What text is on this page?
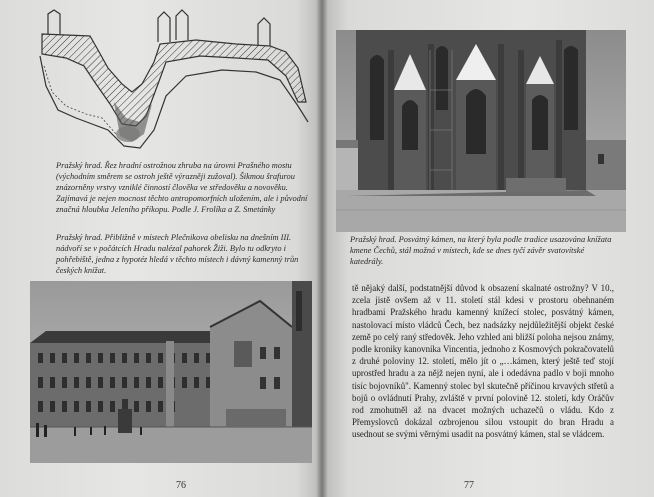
Pražský hrad. Řez hradní ostrožnou zhruba na úrovni Prašného mostu (východním směrem se ostroh ještě výrazněji zužoval). Šikmou šrafurou znázorněny vrstvy vzniklé činností člověka ve středověku a novověku. Zajímavá je nejen mocnost těchto antropomorfních uložením, ale i původní značná hloubka Jeleního příkopu. Podle J. Frolíka a Z. Smetánky
Pražský hrad. Přibližně v místech Plečnikova obelisku na dnešním III. nádvoří se v počátcích Hradu nalézal pahorek Žiži. Bylo tu odkryto i pohřebiště, jedna z hypotéz hledá v těchto místech i dávný kamenný trůn českých knížat.
76
Pražský hrad. Posvátný kámen, na který byla podle tradice usazována knížata kmene Čechů, stál možná v místech, kde se dnes tyčí závěr svatovítské katedrály.
77
tě nějaký další, podstatnější důvod k obsazení skalnaté ostrožny? V 10., zcela jistě ovšem až v 11. století stál kdesi v prostoru obehnaném hradbami Pražského hradu kamenný knížecí stolec, posvátný kámen, nastolovací místo vládců Čech, bez nadsázky nejdůležitější objekt české země po celý raný středověk. Jeho vzhled ani bližší poloha nejsou známy, podle kroniky kanovníka Vincentia, jednoho z Kosmových pokračovatelů z druhé poloviny 12. století, mělo jít o „…kámen, který ještě teď stojí uprostřed hradu a za nějž nejen nyní, ale i odedávna padlo v boji mnoho tisíc bojovníků". Kamenný stolec byl skutečně příčinou krvavých střetů a bojů o ovládnutí Prahy, zvláště v první polovině 12. století, kdy Oráčův rod zmohutněl až na dvacet možných uchazečů o vládu. Kdo z Přemyslovců dokázal ozbrojenou silou vstoupit do bran Hradu a usednout se svými věrnými usadit na posvátný kámen, stal se vládcem.
